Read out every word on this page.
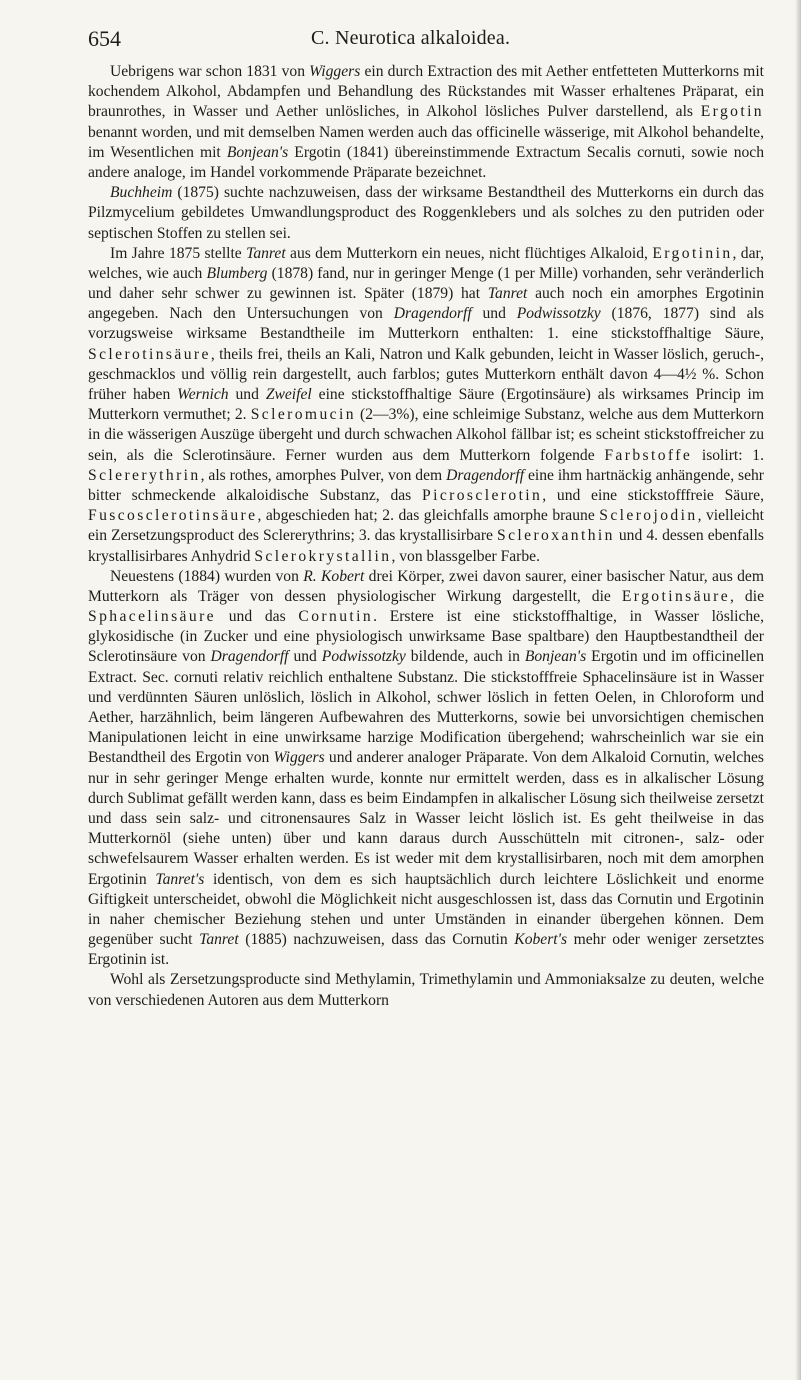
654	C. Neurotica alkaloidea.

Uebrigens war schon 1831 von Wiggers ein durch Extraction des mit Aether entfetteten Mutterkorns mit kochendem Alkohol, Abdampfen und Behandlung des Rückstandes mit Wasser erhaltenes Präparat, ein braunrothes, in Wasser und Aether unlösliches, in Alkohol lösliches Pulver darstellend, als Ergotin benannt worden, und mit demselben Namen werden auch das officinelle wässerige, mit Alkohol behandelte, im Wesentlichen mit Bonjean's Ergotin (1841) übereinstimmende Extractum Secalis cornuti, sowie noch andere analoge, im Handel vorkommende Präparate bezeichnet.

Buchheim (1875) suchte nachzuweisen, dass der wirksame Bestandtheil des Mutterkorns ein durch das Pilzmycelium gebildetes Umwandlungsproduct des Roggenklebers und als solches zu den putriden oder septischen Stoffen zu stellen sei.

Im Jahre 1875 stellte Tanret aus dem Mutterkorn ein neues, nicht flüchtiges Alkaloid, Ergotinin, dar, welches, wie auch Blumberg (1878) fand, nur in geringer Menge (1 per Mille) vorhanden, sehr veränderlich und daher sehr schwer zu gewinnen ist. Später (1879) hat Tanret auch noch ein amorphes Ergotinin angegeben. Nach den Untersuchungen von Dragendorff und Podwissotzky (1876, 1877) sind als vorzugsweise wirksame Bestandtheile im Mutterkorn enthalten: 1. eine stickstoffhaltige Säure, Sclerotinsäure, theils frei, theils an Kali, Natron und Kalk gebunden, leicht in Wasser löslich, geruch-, geschmacklos und völlig rein dargestellt, auch farblos; gutes Mutterkorn enthält davon 4—4½ %. Schon früher haben Wernich und Zweifel eine stickstoffhaltige Säure (Ergotinsäure) als wirksames Princip im Mutterkorn vermuthet; 2. Scleromucin (2—3%), eine schleimige Substanz, welche aus dem Mutterkorn in die wässerigen Auszüge übergeht und durch schwachen Alkohol fällbar ist; es scheint stickstoffreicher zu sein, als die Sclerotinsäure. Ferner wurden aus dem Mutterkorn folgende Farbstoffe isolirt: 1. Sclererythrin, als rothes, amorphes Pulver, von dem Dragendorff eine ihm hartnäckig anhängende, sehr bitter schmeckende alkaloidische Substanz, das Picrosclerotin, und eine stickstofffreie Säure, Fuscosclerotinsäure, abgeschieden hat; 2. das gleichfalls amorphe braune Sclerojodin, vielleicht ein Zersetzungsproduct des Sclererythrins; 3. das krystallisirbare Scleroxanthin und 4. dessen ebenfalls krystallisirbares Anhydrid Sclerokrystallin, von blassgelber Farbe.

Neuestens (1884) wurden von R. Kobert drei Körper, zwei davon saurer, einer basischer Natur, aus dem Mutterkorn als Träger von dessen physiologischer Wirkung dargestellt, die Ergotinsäure, die Sphacelinsäure und das Cornutin. Erstere ist eine stickstoffhaltige, in Wasser lösliche, glykosidische (in Zucker und eine physiologisch unwirksame Base spaltbare) den Hauptbestandtheil der Sclerotinsäure von Dragendorff und Podwissotzky bildende, auch in Bonjean's Ergotin und im officinellen Extract. Sec. cornuti relativ reichlich enthaltene Substanz. Die stickstofffreie Sphacelinsäure ist in Wasser und verdünnten Säuren unlöslich, löslich in Alkohol, schwer löslich in fetten Oelen, in Chloroform und Aether, harzähnlich, beim längeren Aufbewahren des Mutterkorns, sowie bei unvorsichtigen chemischen Manipulationen leicht in eine unwirksame harzige Modification übergehend; wahrscheinlich war sie ein Bestandtheil des Ergotin von Wiggers und anderer analoger Präparate. Von dem Alkaloid Cornutin, welches nur in sehr geringer Menge erhalten wurde, konnte nur ermittelt werden, dass es in alkalischer Lösung durch Sublimat gefällt werden kann, dass es beim Eindampfen in alkalischer Lösung sich theilweise zersetzt und dass sein salz- und citronensaures Salz in Wasser leicht löslich ist. Es geht theilweise in das Mutterkornöl (siehe unten) über und kann daraus durch Ausschütteln mit citronen-, salz- oder schwefelsaurem Wasser erhalten werden. Es ist weder mit dem krystallisirbaren, noch mit dem amorphen Ergotinin Tanret's identisch, von dem es sich hauptsächlich durch leichtere Löslichkeit und enorme Giftigkeit unterscheidet, obwohl die Möglichkeit nicht ausgeschlossen ist, dass das Cornutin und Ergotinin in naher chemischer Beziehung stehen und unter Umständen in einander übergehen können. Dem gegenüber sucht Tanret (1885) nachzuweisen, dass das Cornutin Kobert's mehr oder weniger zersetztes Ergotinin ist.

Wohl als Zersetzungsproducte sind Methylamin, Trimethylamin und Ammoniaksalze zu deuten, welche von verschiedenen Autoren aus dem Mutterkorn
